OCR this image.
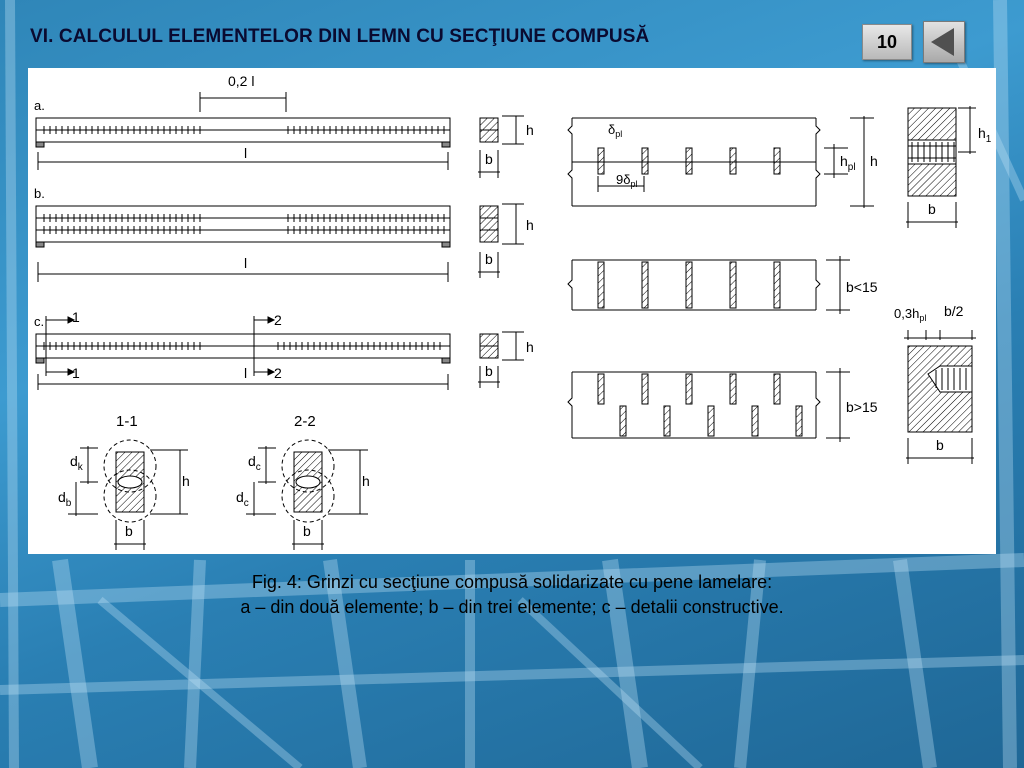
VI. CALCULUL ELEMENTELOR DIN LEMN CU SECŢIUNE COMPUSĂ	10
a.
0,2 l
l
h
b
b.
l
h
b
c. 1
1
2
2
l
h
b
1-1
$d_k$
$d_b$
h
b
2-2
$d_c$
$d_c$
h
b
$9\delta_{pl}$
$\delta_{pl}$
$h_{pl}$ h
$h_1$
b
b<15
b>15
$0,3h_{pl}$ b/2
b
Fig. 4: Grinzi cu secţiune compusă solidarizate cu pene lamelare:
a – din două elemente; b – din trei elemente; c – detalii constructive.
